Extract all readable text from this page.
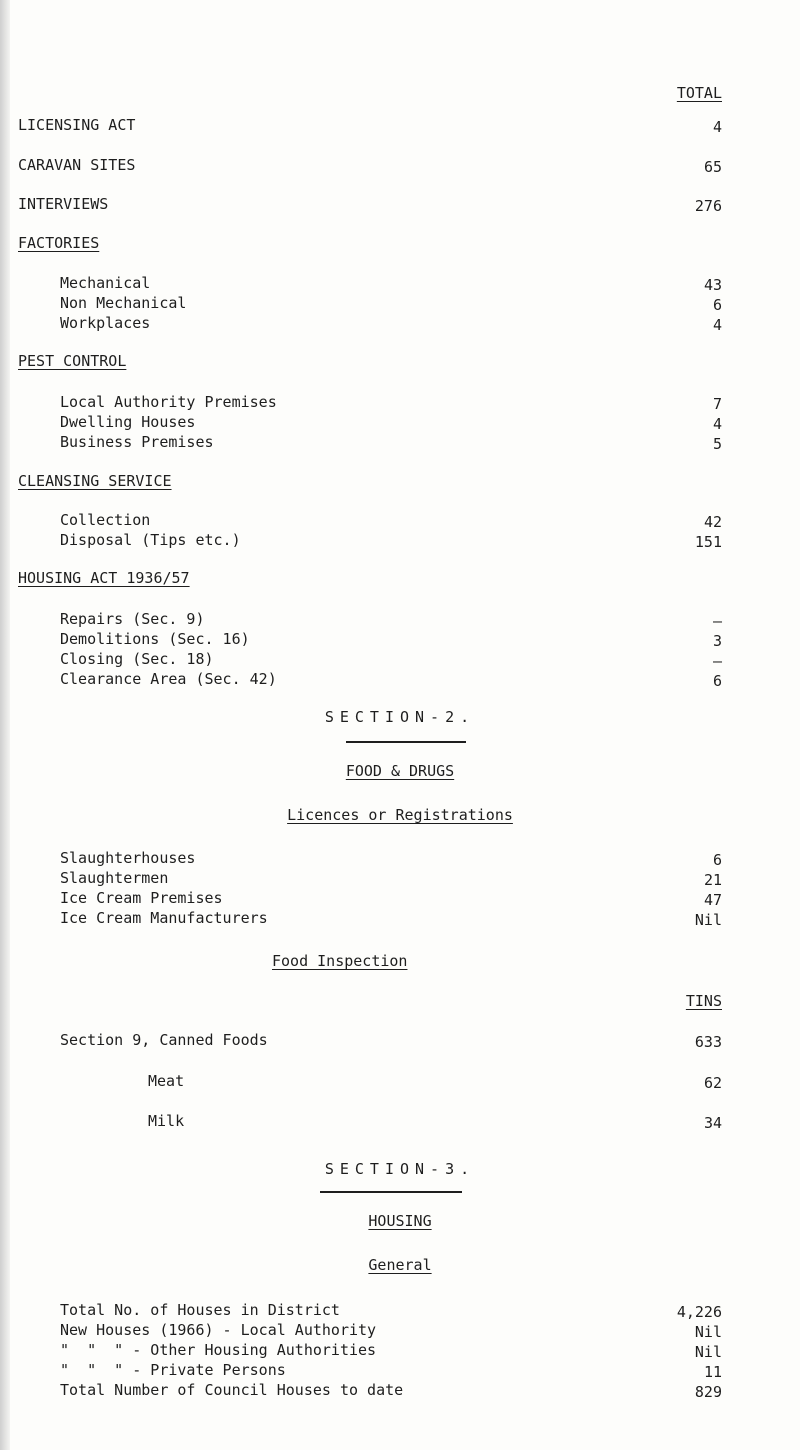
TOTAL
LICENSING ACT	4
CARAVAN SITES	65
INTERVIEWS	276
FACTORIES
Mechanical	43
Non Mechanical	6
Workplaces	4
PEST CONTROL
Local Authority Premises	7
Dwelling Houses	4
Business Premises	5
CLEANSING SERVICE
Collection	42
Disposal (Tips etc.)	151
HOUSING ACT 1936/57
Repairs (Sec. 9)	–
Demolitions (Sec. 16)	3
Closing (Sec. 18)	–
Clearance Area (Sec. 42)	6
SECTION-2.
FOOD & DRUGS
Licences or Registrations
Slaughterhouses	6
Slaughtermen	21
Ice Cream Premises	47
Ice Cream Manufacturers	Nil
Food Inspection
TINS
Section 9, Canned Foods	633
Meat	62
Milk	34
SECTION-3.
HOUSING
General
Total No. of Houses in District	4,226
New Houses (1966) - Local Authority	Nil
"  "  " - Other Housing Authorities	Nil
"  "  " - Private Persons	11
Total Number of Council Houses to date	829
